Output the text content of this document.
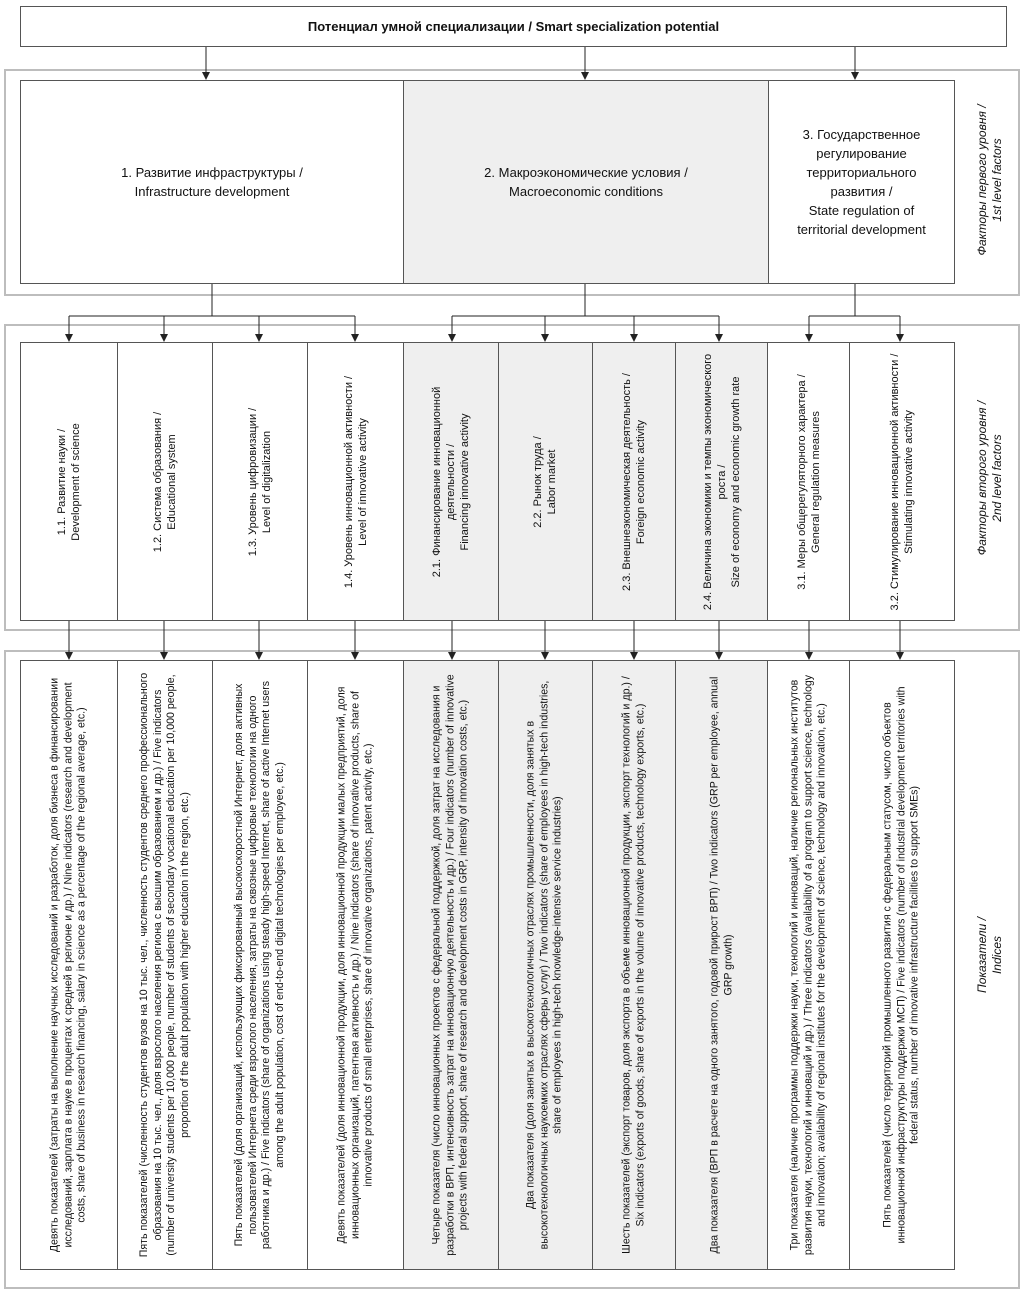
Потенциал умной специализации / Smart specialization potential
1. Развитие инфраструктуры /
Infrastructure development
2. Макроэкономические условия /
Macroeconomic conditions
3. Государственное регулирование территориального развития /
State regulation of territorial development
1.1. Развитие науки / Development of science	1.2. Система образования / Educational system	1.3. Уровень цифровизации / Level of digitalization	1.4. Уровень инновационной активности / Level of innovative activity	2.1. Финансирование инновационной деятельности / Financing innovative activity	2.2. Рынок труда / Labor market	2.3. Внешнеэкономическая деятельность / Foreign economic activity	2.4. Величина экономики и темпы экономического роста / Size of economy and economic growth rate	3.1. Меры общерегуляторного характера / General regulation measures	3.2. Стимулирование инновационной активности / Stimulating innovative activity
Девять показателей (затраты на выполнение научных исследований и разработок, доля бизнеса в финансировании исследований, зарплата в науке в процентах к средней в регионе и др.) / Nine indicators (research and development costs, share of business in research financing, salary in science as a percentage of the regional average, etc.)	Пять показателей (численность студентов вузов на 10 тыс. чел., численность студентов среднего профессионального образования на 10 тыс. чел., доля взрослого населения региона с высшим образованием и др.) / Five indicators (number of university students per 10,000 people, number of students of secondary vocational education per 10,000 people, proportion of the adult population with higher education in the region, etc.)	Пять показателей (доля организаций, использующих фиксированный высокоскоростной Интернет, доля активных пользователей Интернета среди взрослого населения, затраты на сквозные цифровые технологии на одного работника и др.) / Five indicators (share of organizations using steady high-speed Internet, share of active Internet users among the adult population, cost of end-to-end digital technologies per employee, etc.)	Девять показателей (доля инновационной продукции, доля инновационной продукции малых предприятий, доля инновационных организаций, патентная активность и др.) / Nine indicators (share of innovative products, share of innovative products of small enterprises, share of innovative organizations, patent activity, etc.)	Четыре показателя (число инновационных проектов с федеральной поддержкой, доля затрат на исследования и разработки в ВРП, интенсивность затрат на инновационную деятельность и др.) / Four indicators (number of innovative projects with federal support, share of research and development costs in GRP, intensity of innovation costs, etc.)	Два показателя (доля занятых в высокотехнологичных отраслях промышленности, доля занятых в высокотехнологичных наукоемких отраслях сферы услуг) / Two indicators (share of employees in high-tech industries, share of employees in high-tech knowledge-intensive service industries)	Шесть показателей (экспорт товаров, доля экспорта в объеме инновационной продукции, экспорт технологий и др.) / Six indicators (exports of goods, share of exports in the volume of innovative products, technology exports, etc.)	Два показателя (ВРП в расчете на одного занятого, годовой прирост ВРП) / Two indicators (GRP per employee, annual GRP growth)	Три показателя (наличие программы поддержки науки, технологий и инноваций, наличие региональных институтов развития науки, технологий и инноваций и др.) / Three indicators (availability of a program to support science, technology and innovation; availability of regional institutes for the development of science, technology and innovation, etc.)	Пять показателей (число территорий промышленного развития с федеральным статусом, число объектов инновационной инфраструктуры поддержки МСП) / Five indicators (number of industrial development territories with federal status, number of innovative infrastructure facilities to support SMEs)
Факторы первого уровня /
1st level factors
Факторы второго уровня /
2nd level factors
Показатели /
Indices
